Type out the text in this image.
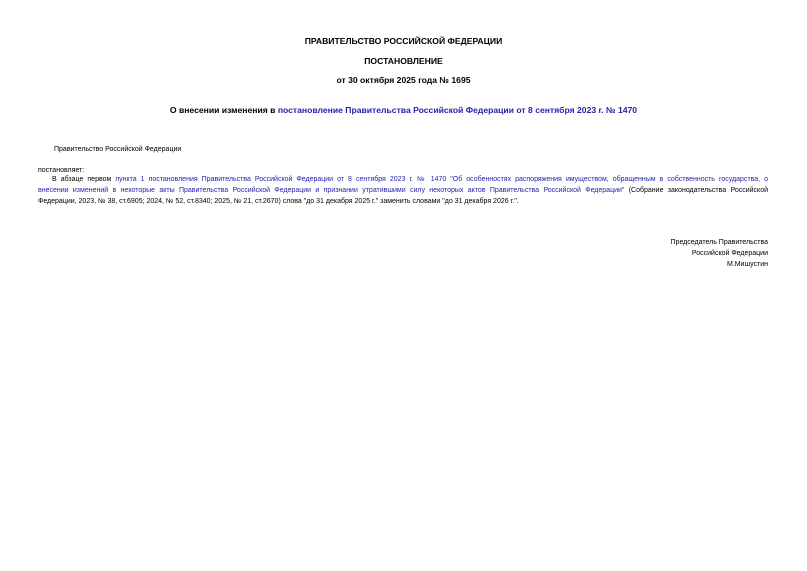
ПРАВИТЕЛЬСТВО РОССИЙСКОЙ ФЕДЕРАЦИИ
ПОСТАНОВЛЕНИЕ
от 30 октября 2025 года № 1695
О внесении изменения в постановление Правительства Российской Федерации от 8 сентября 2023 г. № 1470
Правительство Российской Федерации
постановляет:
В абзаце первом пункта 1 постановления Правительства Российской Федерации от 8 сентября 2023 г. № 1470 "Об особенностях распоряжения имуществом, обращенным в собственность государства, о
внесении изменений в некоторые акты Правительства Российской Федерации и признании утратившими силу некоторых актов Правительства Российской Федерации" (Собрание законодательства Российской
Федерации, 2023, № 38, ст.6905; 2024, № 52, ст.8340; 2025, № 21, ст.2670) слова "до 31 декабря 2025 г." заменить словами "до 31 декабря 2026 г.".
Председатель Правительства
Российской Федерации
М.Мишустин
